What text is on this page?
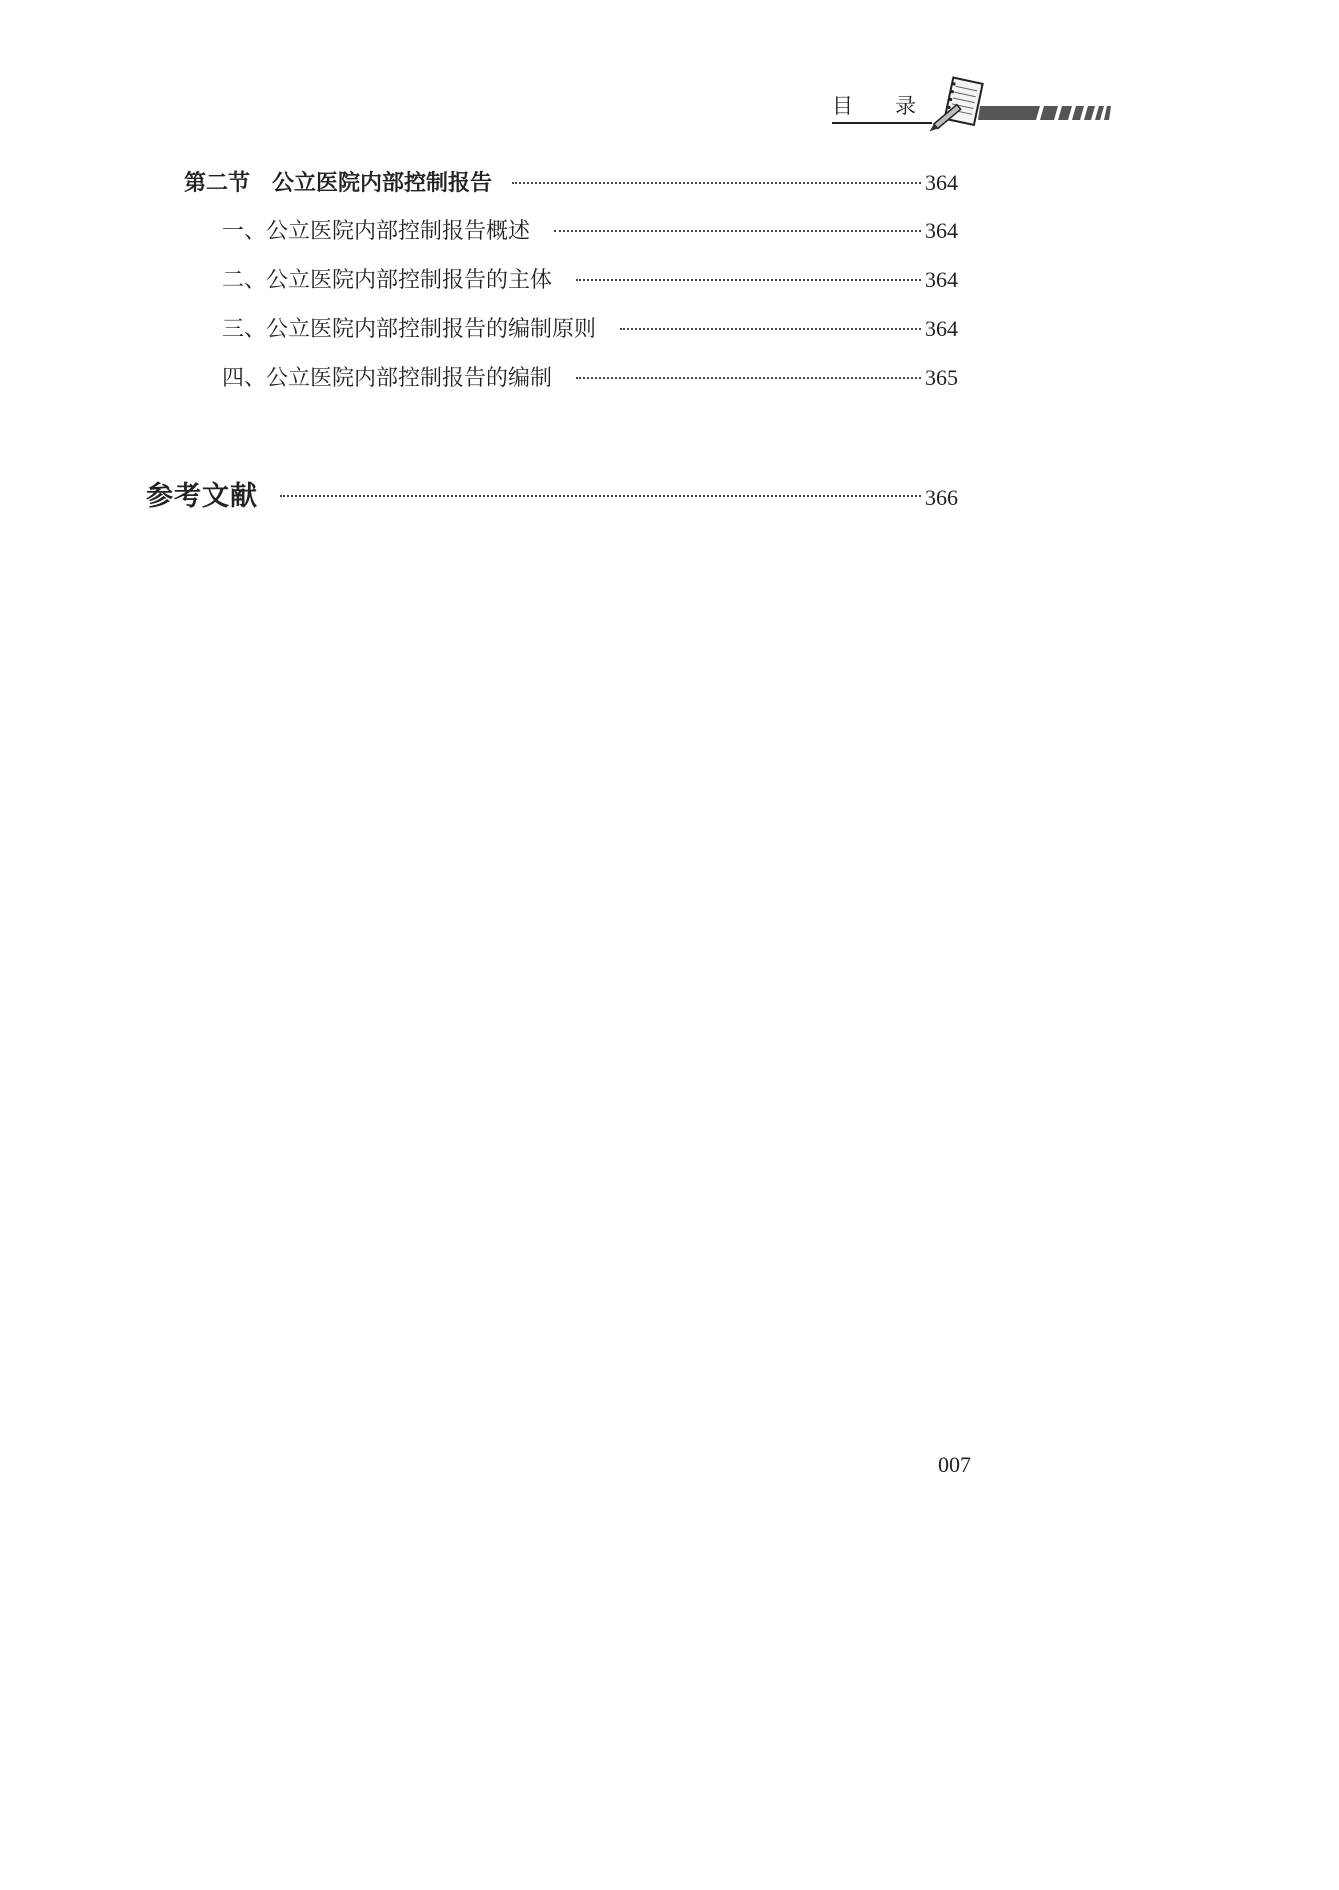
目　　录
第二节　公立医院内部控制报告	364
一、公立医院内部控制报告概述	364
二、公立医院内部控制报告的主体	364
三、公立医院内部控制报告的编制原则	364
四、公立医院内部控制报告的编制	365
参考文献	366
007
